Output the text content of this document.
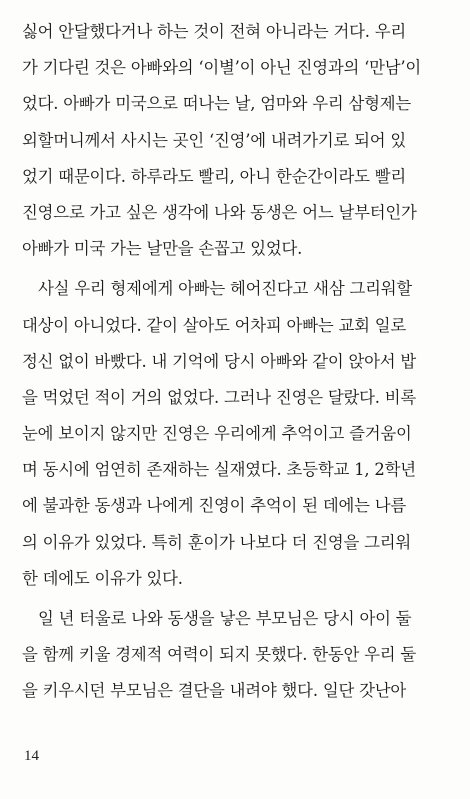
싫어 안달했다거나 하는 것이 전혀 아니라는 거다. 우리
가 기다린 것은 아빠와의 ‘이별’이 아닌 진영과의 ‘만남’이
었다. 아빠가 미국으로 떠나는 날, 엄마와 우리 삼형제는
외할머니께서 사시는 곳인 ‘진영’에 내려가기로 되어 있
었기 때문이다. 하루라도 빨리, 아니 한순간이라도 빨리
진영으로 가고 싶은 생각에 나와 동생은 어느 날부터인가
아빠가 미국 가는 날만을 손꼽고 있었다.
사실 우리 형제에게 아빠는 헤어진다고 새삼 그리워할
대상이 아니었다. 같이 살아도 어차피 아빠는 교회 일로
정신 없이 바빴다. 내 기억에 당시 아빠와 같이 앉아서 밥
을 먹었던 적이 거의 없었다. 그러나 진영은 달랐다. 비록
눈에 보이지 않지만 진영은 우리에게 추억이고 즐거움이
며 동시에 엄연히 존재하는 실재였다. 초등학교 1, 2학년
에 불과한 동생과 나에게 진영이 추억이 된 데에는 나름
의 이유가 있었다. 특히 훈이가 나보다 더 진영을 그리워
한 데에도 이유가 있다.
일 년 터울로 나와 동생을 낳은 부모님은 당시 아이 둘
을 함께 키울 경제적 여력이 되지 못했다. 한동안 우리 둘
을 키우시던 부모님은 결단을 내려야 했다. 일단 갓난아
14
